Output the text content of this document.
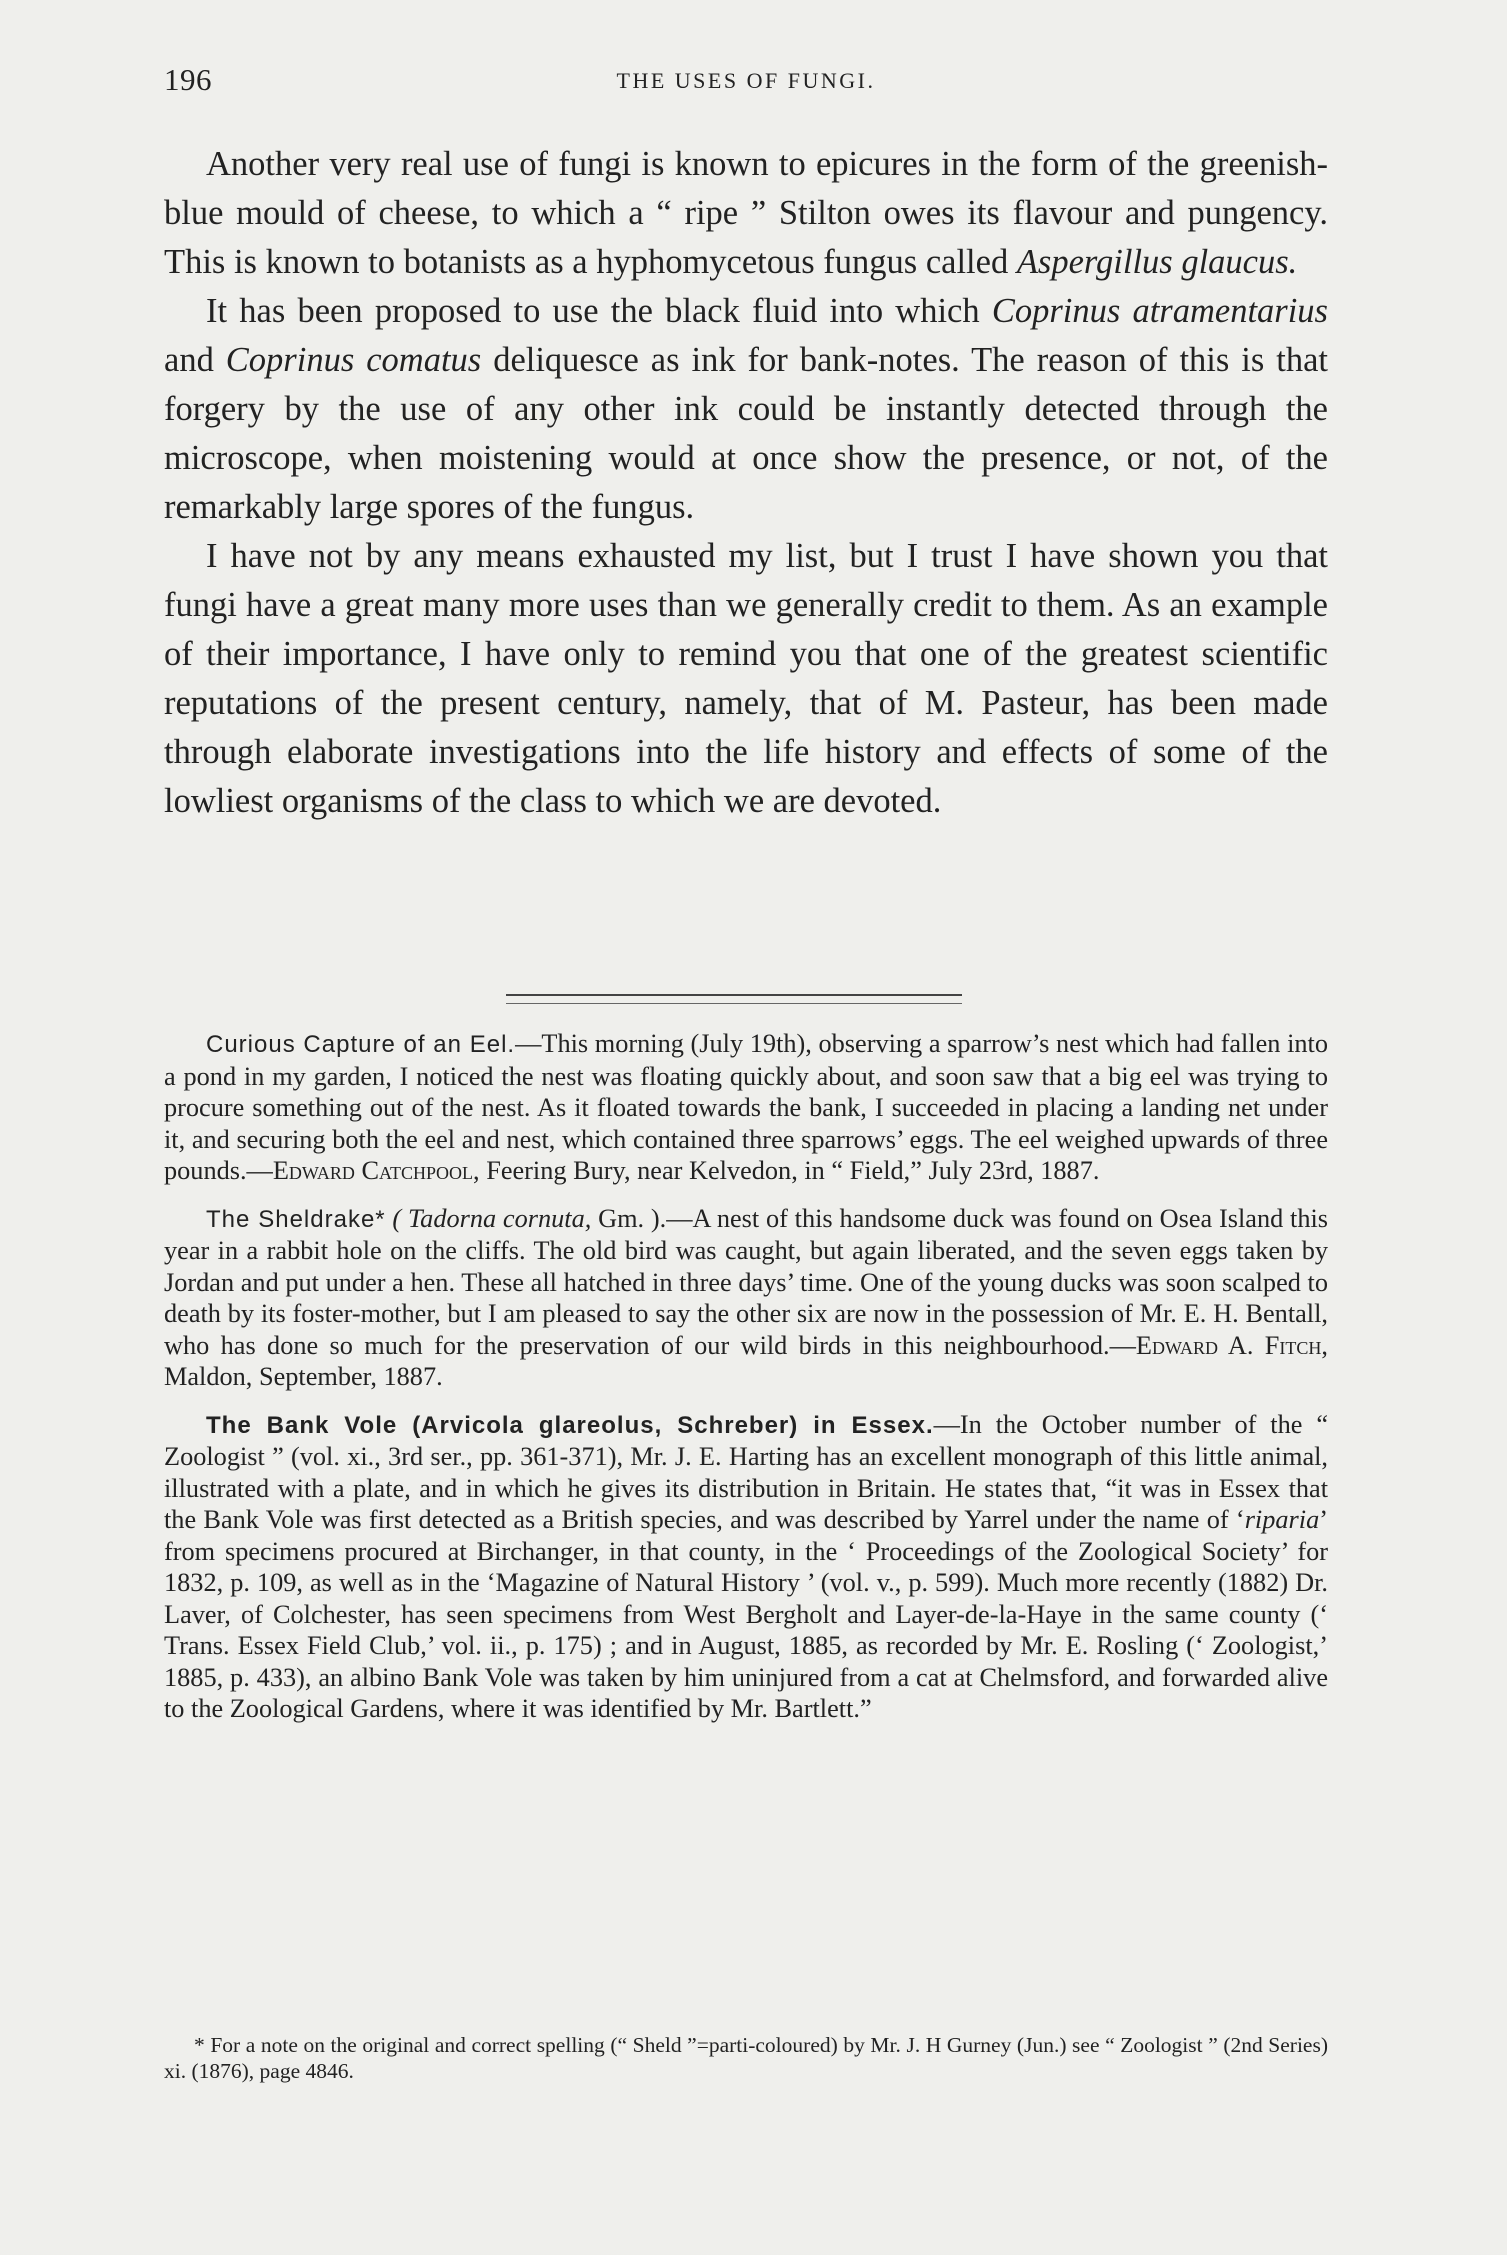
196	THE USES OF FUNGI.

Another very real use of fungi is known to epicures in the form of the greenish-blue mould of cheese, to which a “ ripe ” Stilton owes its flavour and pungency. This is known to botanists as a hyphomycetous fungus called Aspergillus glaucus.

It has been proposed to use the black fluid into which Coprinus atramentarius and Coprinus comatus deliquesce as ink for bank-notes. The reason of this is that forgery by the use of any other ink could be instantly detected through the microscope, when moistening would at once show the presence, or not, of the remarkably large spores of the fungus.

I have not by any means exhausted my list, but I trust I have shown you that fungi have a great many more uses than we generally credit to them. As an example of their importance, I have only to remind you that one of the greatest scientific reputations of the present century, namely, that of M. Pasteur, has been made through elaborate investigations into the life history and effects of some of the lowliest organisms of the class to which we are devoted.

Curious Capture of an Eel.—This morning (July 19th), observing a sparrow’s nest which had fallen into a pond in my garden, I noticed the nest was floating quickly about, and soon saw that a big eel was trying to procure something out of the nest. As it floated towards the bank, I succeeded in placing a landing net under it, and securing both the eel and nest, which contained three sparrows’ eggs. The eel weighed upwards of three pounds.—Edward Catchpool, Feering Bury, near Kelvedon, in “ Field,” July 23rd, 1887.

The Sheldrake* ( Tadorna cornuta, Gm. ).—A nest of this handsome duck was found on Osea Island this year in a rabbit hole on the cliffs. The old bird was caught, but again liberated, and the seven eggs taken by Jordan and put under a hen. These all hatched in three days’ time. One of the young ducks was soon scalped to death by its foster-mother, but I am pleased to say the other six are now in the possession of Mr. E. H. Bentall, who has done so much for the preservation of our wild birds in this neighbourhood.—Edward A. Fitch, Maldon, September, 1887.

The Bank Vole (Arvicola glareolus, Schreber) in Essex.—In the October number of the “ Zoologist ” (vol. xi., 3rd ser., pp. 361-371), Mr. J. E. Harting has an excellent monograph of this little animal, illustrated with a plate, and in which he gives its distribution in Britain. He states that, “it was in Essex that the Bank Vole was first detected as a British species, and was described by Yarrel under the name of ‘riparia’ from specimens procured at Birchanger, in that county, in the ‘ Proceedings of the Zoological Society’ for 1832, p. 109, as well as in the ‘Magazine of Natural History ’ (vol. v., p. 599). Much more recently (1882) Dr. Laver, of Colchester, has seen specimens from West Bergholt and Layer-de-la-Haye in the same county (‘ Trans. Essex Field Club,’ vol. ii., p. 175) ; and in August, 1885, as recorded by Mr. E. Rosling (‘ Zoologist,’ 1885, p. 433), an albino Bank Vole was taken by him uninjured from a cat at Chelmsford, and forwarded alive to the Zoological Gardens, where it was identified by Mr. Bartlett.”

* For a note on the original and correct spelling (“ Sheld ”=parti-coloured) by Mr. J. H Gurney (Jun.) see “ Zoologist ” (2nd Series) xi. (1876), page 4846.
